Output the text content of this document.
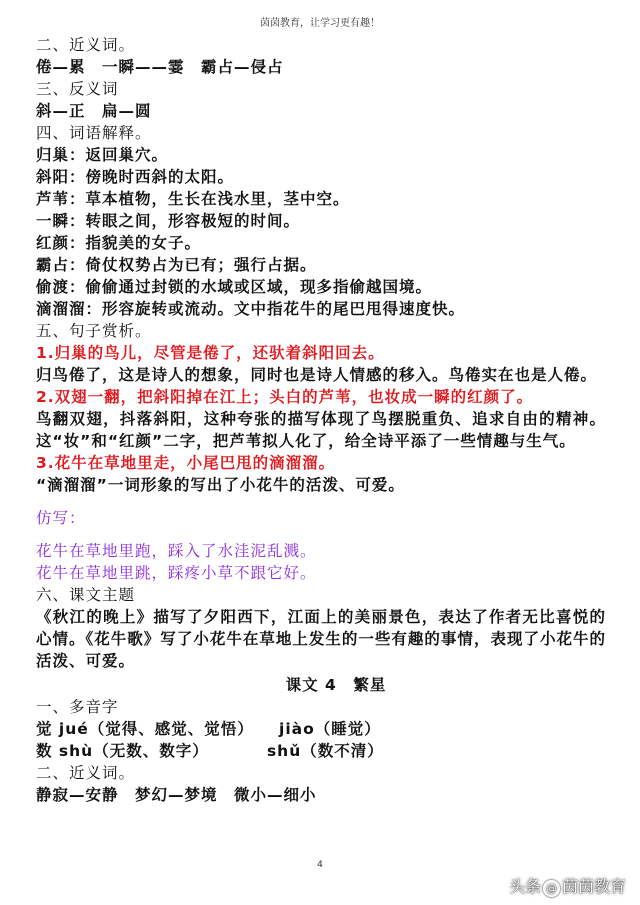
茵茵教育，让学习更有趣！
二、近义词。
倦—累　一瞬——霎　霸占—侵占
三、反义词
斜—正　扁—圆
四、词语解释。
归巢：返回巢穴。
斜阳：傍晚时西斜的太阳。
芦苇：草本植物，生长在浅水里，茎中空。
一瞬：转眼之间，形容极短的时间。
红颜：指貌美的女子。
霸占：倚仗权势占为已有；强行占据。
偷渡：偷偷通过封锁的水域或区域，现多指偷越国境。
滴溜溜：形容旋转或流动。文中指花牛的尾巴甩得速度快。
五、句子赏析。
1.归巢的鸟儿，尽管是倦了，还驮着斜阳回去。
归鸟倦了，这是诗人的想象，同时也是诗人情感的移入。鸟倦实在也是人倦。
2.双翅一翻，把斜阳掉在江上；头白的芦苇，也妆成一瞬的红颜了。
鸟翻双翅，抖落斜阳，这种夸张的描写体现了鸟摆脱重负、追求自由的精神。这“妆”和“红颜”二字，把芦苇拟人化了，给全诗平添了一些情趣与生气。
3.花牛在草地里走，小尾巴甩的滴溜溜。
“滴溜溜”一词形象的写出了小花牛的活泼、可爱。
仿写：
花牛在草地里跑，踩入了水洼泥乱溅。
花牛在草地里跳，踩疼小草不跟它好。
六、课文主题
《秋江的晚上》描写了夕阳西下，江面上的美丽景色，表达了作者无比喜悦的心情。《花牛歌》写了小花牛在草地上发生的一些有趣的事情，表现了小花牛的活泼、可爱。
课文 4　繁星
一、多音字
觉 jué（觉得、感觉、觉悟）　　jiào（睡觉）
数 shù（无数、数字）　　　　shǔ（数不清）
二、近义词。
静寂—安静　梦幻—梦境　微小—细小
4
头条 @ 茵茵教育
